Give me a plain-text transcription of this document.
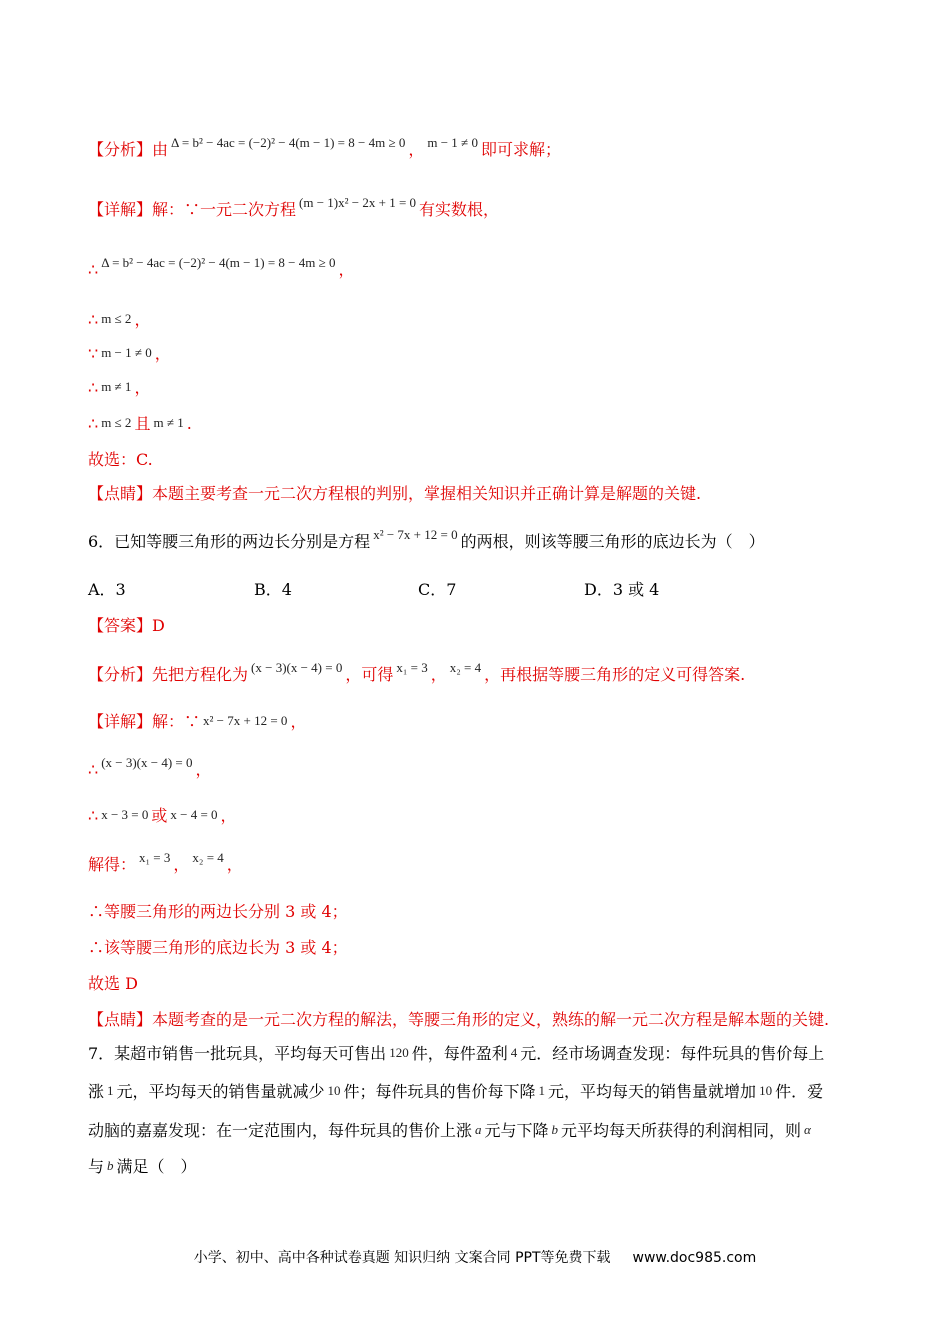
【分析】由 $^{\Delta = b^2 - 4ac = (-2)^2 - 4(m - 1) = 8 - 4m \ge 0}$ ， $^{m - 1 \ne 0}$ 即可求解；
【详解】解：∵一元二次方程 $^{(m - 1)x^2 - 2x + 1 = 0}$ 有实数根，
∴ $^{\Delta = b^2 - 4ac = (-2)^2 - 4(m - 1) = 8 - 4m \ge 0}$ ，
∴ m ≤ 2 ，
∵ m − 1 ≠ 0 ，
∴ m ≠ 1 ，
∴ m ≤ 2 且 m ≠ 1 .
故选：C.
【点睛】本题主要考查一元二次方程根的判别，掌握相关知识并正确计算是解题的关键.
6．已知等腰三角形的两边长分别是方程 $^{x^2 - 7x + 12 = 0}$ 的两根，则该等腰三角形的底边长为（　）
A．3	B．4	C．7	D．3 或 4
【答案】D
【分析】先把方程化为 $^{(x - 3)(x - 4) = 0}$ ，可得 $^{x_1 = 3}$ ， $^{x_2 = 4}$ ，再根据等腰三角形的定义可得答案.
【详解】解：∵ x² − 7x + 12 = 0 ，
∴ $^{(x - 3)(x - 4) = 0}$ ，
∴ x − 3 = 0 或 x − 4 = 0 ，
解得： $^{x_1 = 3}$ ， $^{x_2 = 4}$ ，
∴等腰三角形的两边长分别 3 或 4；
∴该等腰三角形的底边长为 3 或 4；
故选 D
【点睛】本题考查的是一元二次方程的解法，等腰三角形的定义，熟练的解一元二次方程是解本题的关键.
7．某超市销售一批玩具，平均每天可售出 120 件，每件盈利 4 元．经市场调查发现：每件玩具的售价每上
涨 1 元，平均每天的销售量就减少 10 件；每件玩具的售价每下降 1 元，平均每天的销售量就增加 10 件．爱
动脑的嘉嘉发现：在一定范围内，每件玩具的售价上涨 a 元与下降 b 元平均每天所获得的利润相同，则 α
与 b 满足（　）
小学、初中、高中各种试卷真题 知识归纳 文案合同 PPT等免费下载 www.doc985.com
